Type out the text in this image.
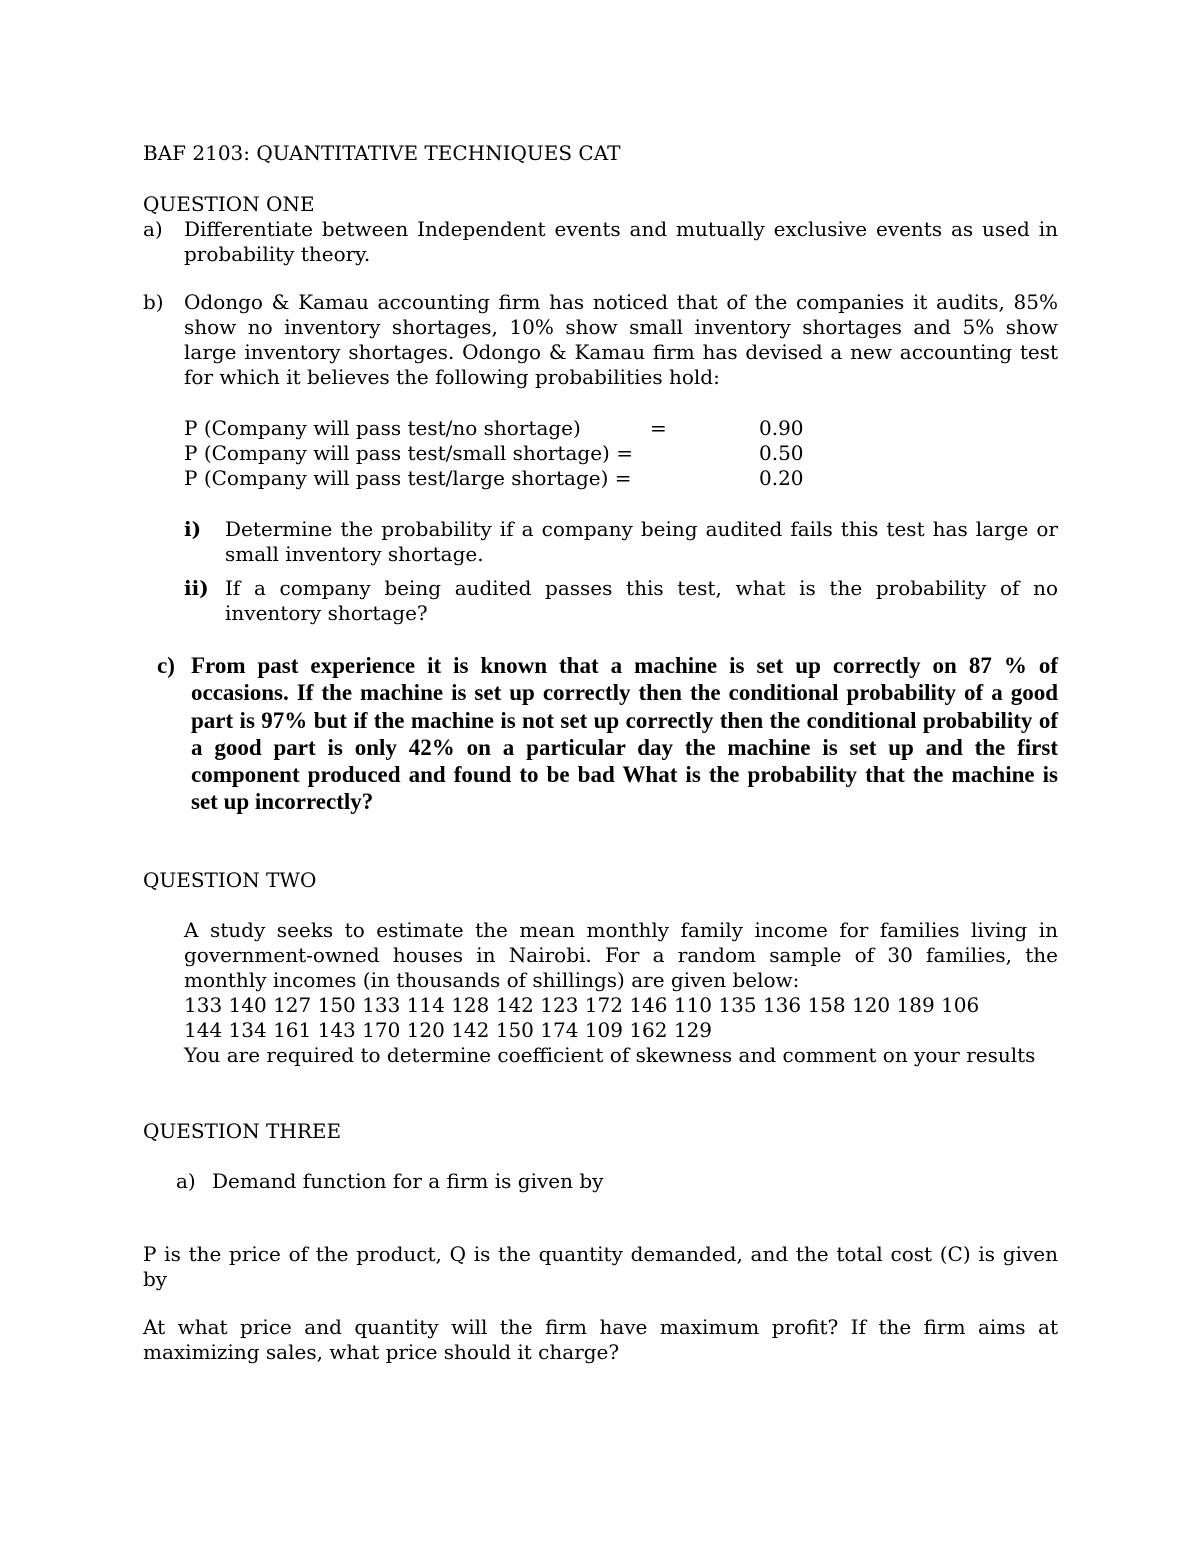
BAF 2103: QUANTITATIVE TECHNIQUES CAT
QUESTION ONE
a) Differentiate between Independent events and mutually exclusive events as used in probability theory.
b) Odongo & Kamau accounting firm has noticed that of the companies it audits, 85% show no inventory shortages, 10% show small inventory shortages and 5% show large inventory shortages. Odongo & Kamau firm has devised a new accounting test for which it believes the following probabilities hold:
P (Company will pass test/no shortage)	=	0.90
P (Company will pass test/small shortage) =	0.50
P (Company will pass test/large shortage) =	0.20
i) Determine the probability if a company being audited fails this test has large or small inventory shortage.
ii) If a company being audited passes this test, what is the probability of no inventory shortage?
c) From past experience it is known that a machine is set up correctly on 87 % of occasions. If the machine is set up correctly then the conditional probability of a good part is 97% but if the machine is not set up correctly then the conditional probability of a good part is only 42% on a particular day the machine is set up and the first component produced and found to be bad What is the probability that the machine is set up incorrectly?
QUESTION TWO
A study seeks to estimate the mean monthly family income for families living in government-owned houses in Nairobi. For a random sample of 30 families, the monthly incomes (in thousands of shillings) are given below:
133 140 127 150 133 114 128 142 123 172 146 110 135 136 158 120 189 106
144 134 161 143 170 120 142 150 174 109 162 129
You are required to determine coefficient of skewness and comment on your results
QUESTION THREE
a) Demand function for a firm is given by
P is the price of the product, Q is the quantity demanded, and the total cost (C) is given by
At what price and quantity will the firm have maximum profit? If the firm aims at maximizing sales, what price should it charge?
